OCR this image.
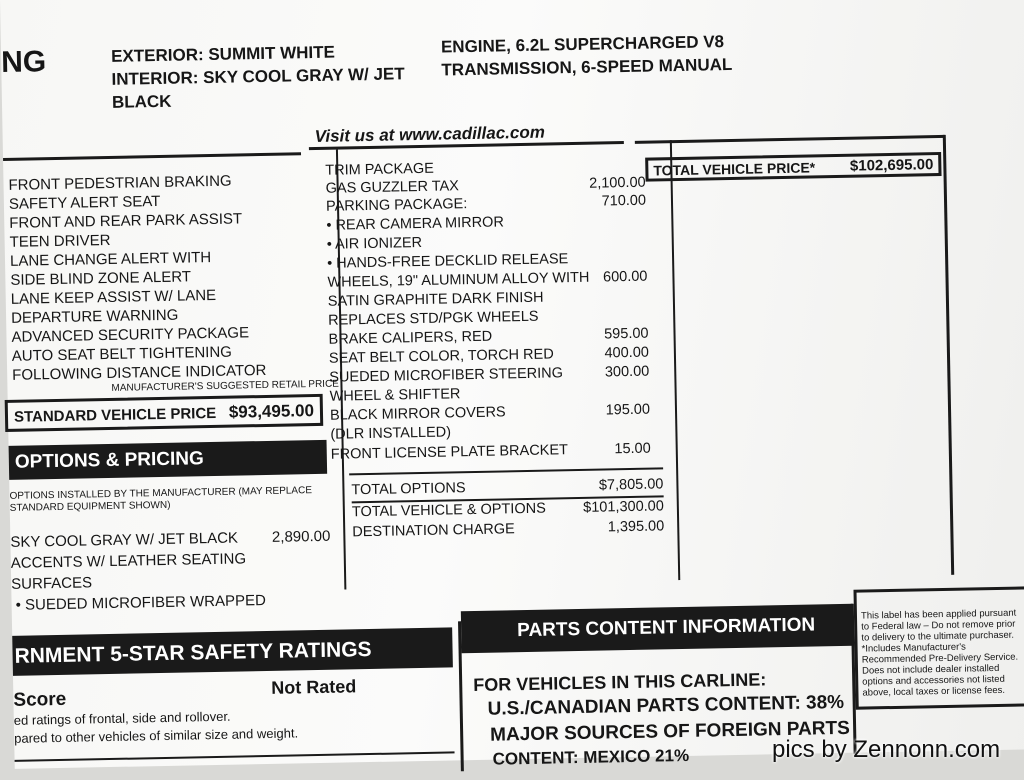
NG	EXTERIOR: SUMMIT WHITE
INTERIOR: SKY COOL GRAY W/ JET
BLACK
ENGINE, 6.2L SUPERCHARGED V8
TRANSMISSION, 6-SPEED MANUAL
Visit us at www.cadillac.com
FRONT PEDESTRIAN BRAKING
SAFETY ALERT SEAT
FRONT AND REAR PARK ASSIST
TEEN DRIVER
LANE CHANGE ALERT WITH
SIDE BLIND ZONE ALERT
LANE KEEP ASSIST W/ LANE
DEPARTURE WARNING
ADVANCED SECURITY PACKAGE
AUTO SEAT BELT TIGHTENING
FOLLOWING DISTANCE INDICATOR
MANUFACTURER'S SUGGESTED RETAIL PRICE
STANDARD VEHICLE PRICE $93,495.00
OPTIONS & PRICING
OPTIONS INSTALLED BY THE MANUFACTURER (MAY REPLACE
STANDARD EQUIPMENT SHOWN)
SKY COOL GRAY W/ JET BLACK 2,890.00
ACCENTS W/ LEATHER SEATING
SURFACES
• SUEDED MICROFIBER WRAPPED
TRIM PACKAGE
GAS GUZZLER TAX	2,100.00
PARKING PACKAGE:	710.00
• REAR CAMERA MIRROR
• AIR IONIZER
• HANDS-FREE DECKLID RELEASE
WHEELS, 19" ALUMINUM ALLOY WITH 600.00
SATIN GRAPHITE DARK FINISH
REPLACES STD/PGK WHEELS
BRAKE CALIPERS, RED	595.00
SEAT BELT COLOR, TORCH RED	400.00
SUEDED MICROFIBER STEERING	300.00
WHEEL & SHIFTER
BLACK MIRROR COVERS	195.00
(DLR INSTALLED)
FRONT LICENSE PLATE BRACKET	15.00
TOTAL OPTIONS	$7,805.00
TOTAL VEHICLE & OPTIONS	$101,300.00
DESTINATION CHARGE	1,395.00
TOTAL VEHICLE PRICE* $102,695.00
RNMENT 5-STAR SAFETY RATINGS
Score
Not Rated
ed ratings of frontal, side and rollover.
pared to other vehicles of similar size and weight.
PARTS CONTENT INFORMATION
FOR VEHICLES IN THIS CARLINE:
U.S./CANADIAN PARTS CONTENT: 38%
MAJOR SOURCES OF FOREIGN PARTS
CONTENT: MEXICO 21%
This label has been applied pursuant to Federal law – Do not remove prior to delivery to the ultimate purchaser. *Includes Manufacturer's Recommended Pre-Delivery Service. Does not include dealer installed options and accessories not listed above, local taxes or license fees.
pics by Zennonn.com
